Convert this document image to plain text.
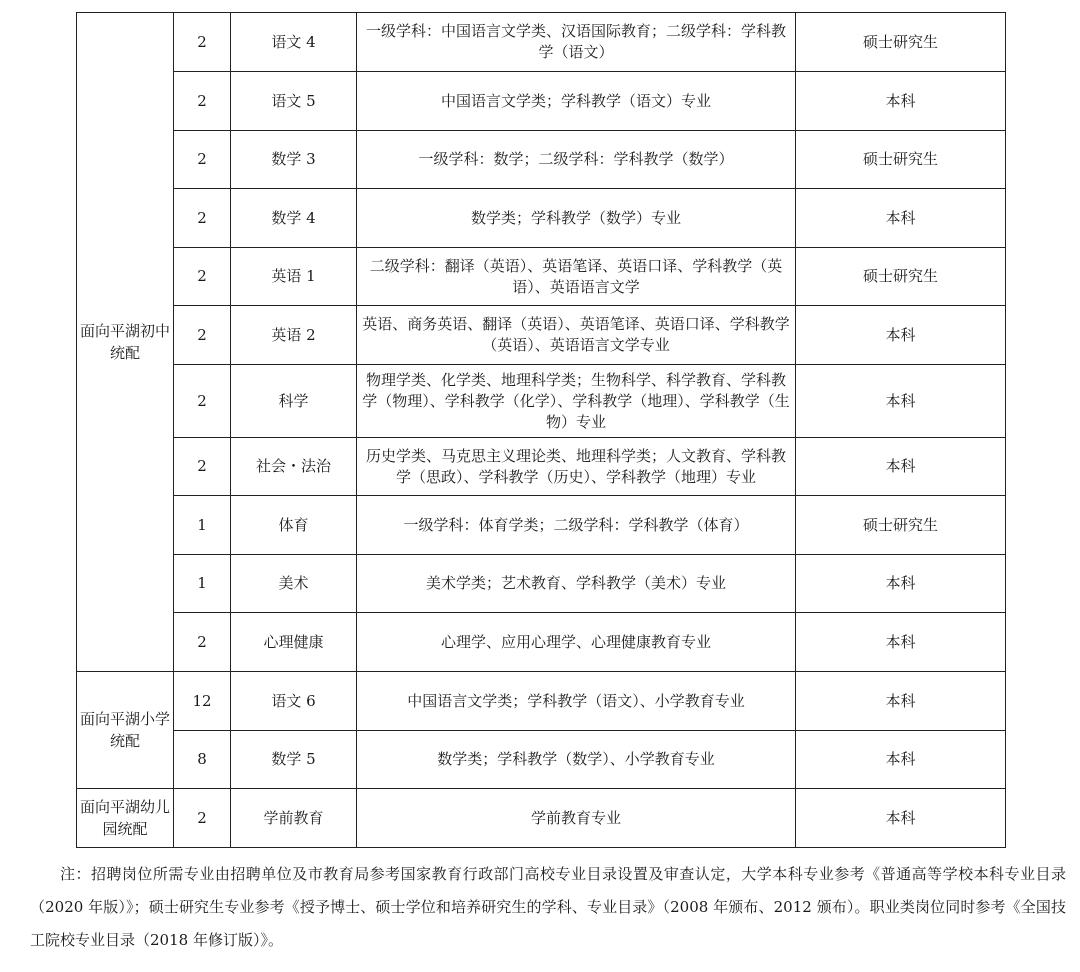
面向平湖初中统配	2	语文 4	一级学科：中国语言文学类、汉语国际教育；二级学科：学科教学（语文）	硕士研究生
	2	语文 5	中国语言文学类；学科教学（语文）专业	本科
	2	数学 3	一级学科：数学；二级学科：学科教学（数学）	硕士研究生
	2	数学 4	数学类；学科教学（数学）专业	本科
	2	英语 1	二级学科：翻译（英语）、英语笔译、英语口译、学科教学（英语）、英语语言文学	硕士研究生
	2	英语 2	英语、商务英语、翻译（英语）、英语笔译、英语口译、学科教学（英语）、英语语言文学专业	本科
	2	科学	物理学类、化学类、地理科学类；生物科学、科学教育、学科教学（物理）、学科教学（化学）、学科教学（地理）、学科教学（生物）专业	本科
	2	社会・法治	历史学类、马克思主义理论类、地理科学类；人文教育、学科教学（思政）、学科教学（历史）、学科教学（地理）专业	本科
	1	体育	一级学科：体育学类；二级学科：学科教学（体育）	硕士研究生
	1	美术	美术学类；艺术教育、学科教学（美术）专业	本科
	2	心理健康	心理学、应用心理学、心理健康教育专业	本科
面向平湖小学统配	12	语文 6	中国语言文学类；学科教学（语文）、小学教育专业	本科
	8	数学 5	数学类；学科教学（数学）、小学教育专业	本科
面向平湖幼儿园统配	2	学前教育	学前教育专业	本科
注：招聘岗位所需专业由招聘单位及市教育局参考国家教育行政部门高校专业目录设置及审查认定，大学本科专业参考《普通高等学校本科专业目录（2020 年版）》；硕士研究生专业参考《授予博士、硕士学位和培养研究生的学科、专业目录》（2008 年颁布、2012 颁布）。职业类岗位同时参考《全国技工院校专业目录（2018 年修订版）》。
